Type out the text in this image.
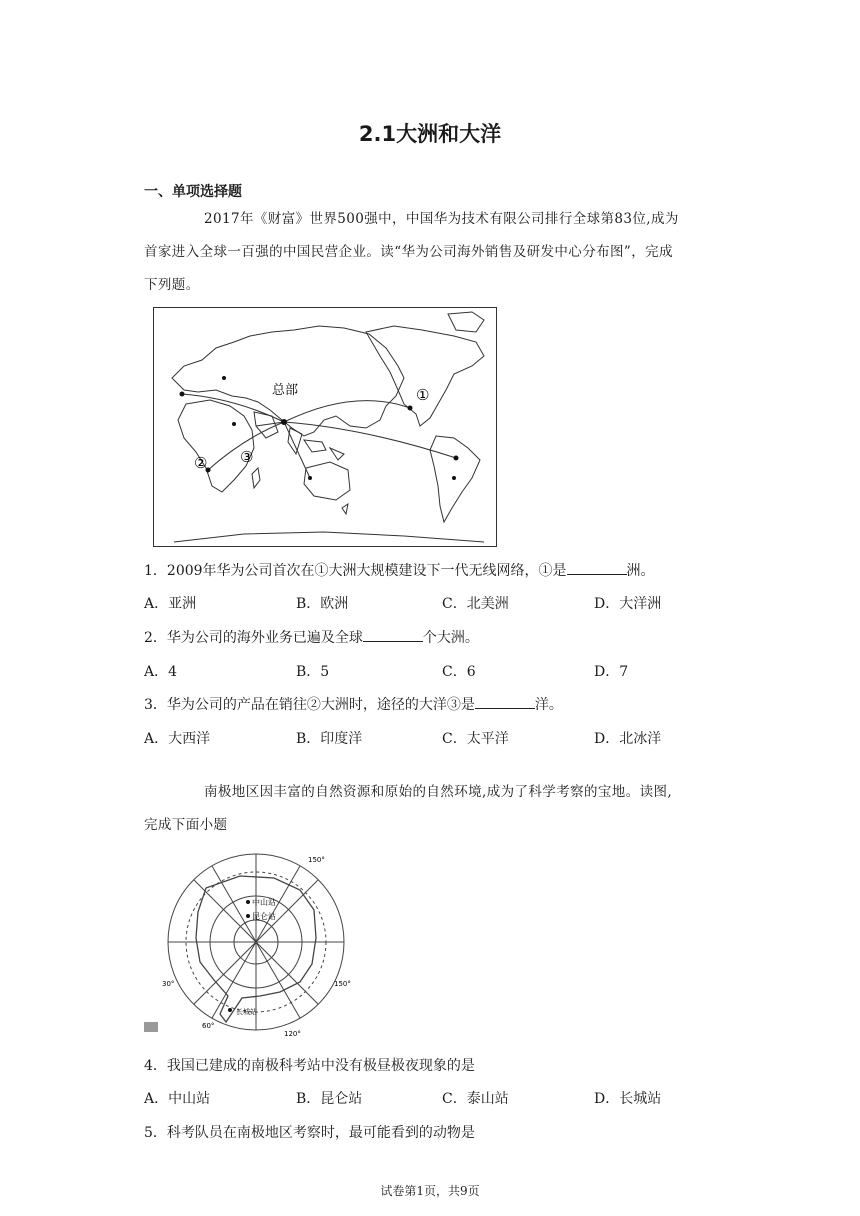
2.1大洲和大洋
一、单项选择题
2017年《财富》世界500强中，中国华为技术有限公司排行全球第83位,成为
首家进入全球一百强的中国民营企业。读“华为公司海外销售及研发中心分布图”，完成
下列题。
总部	①
② ③
1．2009年华为公司首次在①大洲大规模建设下一代无线网络，①是	洲。
A．亚洲	B．欧洲	C．北美洲	D．大洋洲
2．华为公司的海外业务已遍及全球	个大洲。
A．4	B．5	C．6	D．7
3．华为公司的产品在销往②大洲时，途径的大洋③是	洋。
A．大西洋	B．印度洋	C．太平洋	D．北冰洋
南极地区因丰富的自然资源和原始的自然环境,成为了科学考察的宝地。读图,
完成下面小题
中山站
昆仑站
长城站
150°
150°
120°
30°
60°
4．我国已建成的南极科考站中没有极昼极夜现象的是
A．中山站	B．昆仑站	C．泰山站	D．长城站
5．科考队员在南极地区考察时，最可能看到的动物是
试卷第1页，共9页
